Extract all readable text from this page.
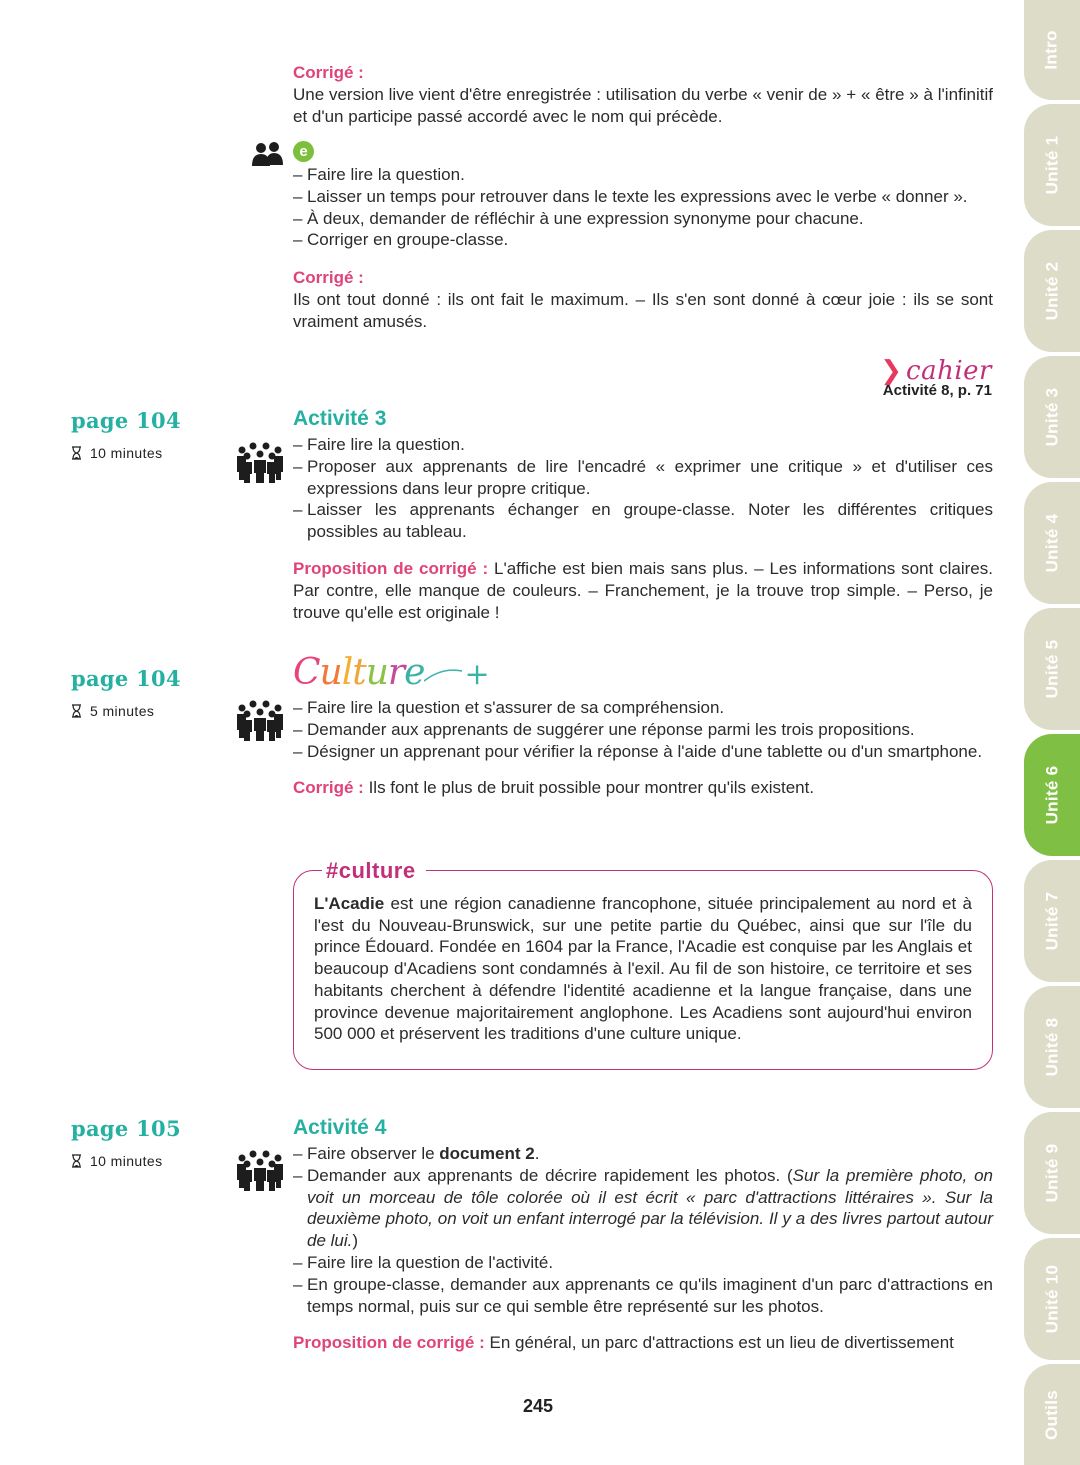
Corrigé :
Une version live vient d'être enregistrée : utilisation du verbe « venir de » + « être » à l'infinitif et d'un participe passé accordé avec le nom qui précède.
e
– Faire lire la question.
– Laisser un temps pour retrouver dans le texte les expressions avec le verbe « donner ».
– À deux, demander de réfléchir à une expression synonyme pour chacune.
– Corriger en groupe-classe.
Corrigé :
Ils ont tout donné : ils ont fait le maximum. – Ils s'en sont donné à cœur joie : ils se sont vraiment amusés.
❯ cahier
Activité 8, p. 71
page 104
10 minutes
Activité 3
– Faire lire la question.
– Proposer aux apprenants de lire l'encadré « exprimer une critique » et d'utiliser ces expressions dans leur propre critique.
– Laisser les apprenants échanger en groupe-classe. Noter les différentes critiques possibles au tableau.
Proposition de corrigé : L'affiche est bien mais sans plus. – Les informations sont claires. Par contre, elle manque de couleurs. – Franchement, je la trouve trop simple. – Perso, je trouve qu'elle est originale !
page 104
5 minutes
Culture +
– Faire lire la question et s'assurer de sa compréhension.
– Demander aux apprenants de suggérer une réponse parmi les trois propositions.
– Désigner un apprenant pour vérifier la réponse à l'aide d'une tablette ou d'un smartphone.
Corrigé : Ils font le plus de bruit possible pour montrer qu'ils existent.

L'Acadie est une région canadienne francophone, située principalement au nord et à l'est du Nouveau-Brunswick, sur une petite partie du Québec, ainsi que sur l'île du prince Édouard. Fondée en 1604 par la France, l'Acadie est conquise par les Anglais et beaucoup d'Acadiens sont condamnés à l'exil. Au fil de son histoire, ce territoire et ses habitants cherchent à défendre l'identité acadienne et la langue française, dans une province devenue majoritairement anglophone. Les Acadiens sont aujourd'hui environ 500 000 et préservent les traditions d'une culture unique.

#culture
page 105
10 minutes
Activité 4
– Faire observer le document 2.
– Demander aux apprenants de décrire rapidement les photos. (Sur la première photo, on voit un morceau de tôle colorée où il est écrit « parc d'attractions littéraires ». Sur la deuxième photo, on voit un enfant interrogé par la télévision. Il y a des livres partout autour de lui.)
– Faire lire la question de l'activité.
– En groupe-classe, demander aux apprenants ce qu'ils imaginent d'un parc d'attractions en temps normal, puis sur ce qui semble être représenté sur les photos.
Proposition de corrigé : En général, un parc d'attractions est un lieu de divertissement
245
Intro
Unité 1
Unité 2
Unité 3
Unité 4
Unité 5
Unité 6
Unité 7
Unité 8
Unité 9
Unité 10
Outils
